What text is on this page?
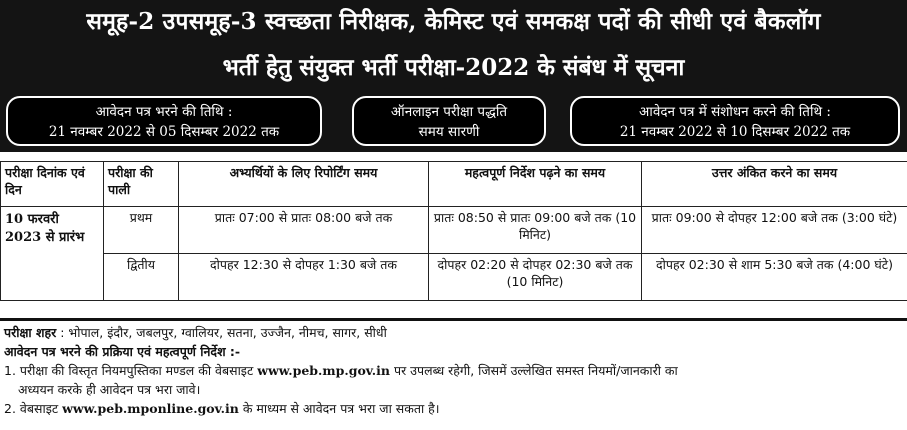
समूह-2 उपसमूह-3 स्वच्छता निरीक्षक, केमिस्ट एवं समकक्ष पदों की सीधी एवं बैकलॉग
भर्ती हेतु संयुक्त भर्ती परीक्षा-2022 के संबंध में सूचना
आवेदन पत्र भरने की तिथि :
21 नवम्बर 2022 से 05 दिसम्बर 2022 तक
ऑनलाइन परीक्षा पद्धति
समय सारणी
आवेदन पत्र में संशोधन करने की तिथि :
21 नवम्बर 2022 से 10 दिसम्बर 2022 तक
परीक्षा दिनांक एवं दिन	परीक्षा की पाली	अभ्यर्थियों के लिए रिपोर्टिंग समय	महत्वपूर्ण निर्देश पढ़ने का समय	उत्तर अंकित करने का समय
10 फरवरी 2023 से प्रारंभ	प्रथम	प्रातः 07:00 से प्रातः 08:00 बजे तक	प्रातः 08:50 से प्रातः 09:00 बजे तक (10 मिनिट)	प्रातः 09:00 से दोपहर 12:00 बजे तक (3:00 घंटे)
	द्वितीय	दोपहर 12:30 से दोपहर 1:30 बजे तक	दोपहर 02:20 से दोपहर 02:30 बजे तक (10 मिनिट)	दोपहर 02:30 से शाम 5:30 बजे तक (4:00 घंटे)
परीक्षा शहर : भोपाल, इंदौर, जबलपुर, ग्वालियर, सतना, उज्जैन, नीमच, सागर, सीधी
आवेदन पत्र भरने की प्रक्रिया एवं महत्वपूर्ण निर्देश :-
1. परीक्षा की विस्तृत नियमपुस्तिका मण्डल की वेबसाइट www.peb.mp.gov.in पर उपलब्ध रहेगी, जिसमें उल्लेखित समस्त नियमों/जानकारी का
अध्ययन करके ही आवेदन पत्र भरा जावे।
2. वेबसाइट www.peb.mponline.gov.in के माध्यम से आवेदन पत्र भरा जा सकता है।
